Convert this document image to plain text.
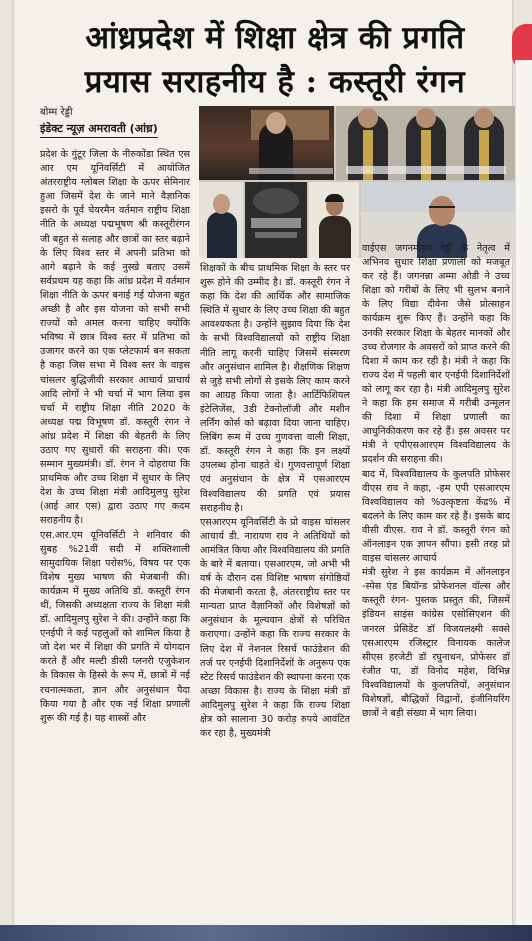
आंध्रप्रदेश में शिक्षा क्षेत्र की प्रगति
प्रयास सराहनीय है : कस्तूरी रंगन
बोम्म रेड्डी
इंडेक्ट न्यूज़ अमरावती (आंध्र)

प्रदेश के गुंटूर जिला के नीरुकोंडा स्थित एस आर एम यूनिवर्सिटी में आयोजित अंतरराष्ट्रीय ग्लोबल शिक्षा के ऊपर सेमिनार हुआ जिसमें देश के जाने माने वैज्ञानिक इसरो के पूर्व चेयरमैन वर्तमान राष्ट्रीय शिक्षा नीति के अध्यक्ष पद्मभूषण श्री कस्तूरीरंगन जी बहुत से सलाह और छात्रों का स्तर बढ़ाने के लिए विश्व स्तर में अपनी प्रतिभा को आगे बढ़ाने के कई नुस्खे बताए उसमें सर्वप्रथम यह कहा कि आंध्र प्रदेश में वर्तमान शिक्षा नीति के ऊपर बनाई गई योजना बहुत अच्छी है और इस योजना को सभी सभी राज्यों को अमल करना चाहिए क्योंकि भविष्य में छात्र विश्व स्तर में प्रतिभा को उजागर करने का एक प्लेटफार्म बन सकता है कहा जिस सभा में विश्व स्तर के वाइस चांसलर बुद्धिजीवी सरकार आचार्य प्राचार्य आदि लोगों ने भी चर्चा में भाग लिया इस चर्चा में राष्ट्रीय शिक्षा नीति 2020 के अध्यक्ष पद्म विभूषण डॉ. कस्तूरी रंगन ने आंध्र प्रदेश में शिक्षा की बेहतरी के लिए उठाए गए सुधारों की सराहना की। एक सम्मान मुख्यमंत्री। डॉ. रंगन ने दोहराया कि प्राथमिक और उच्च शिक्षा में सुधार के लिए देश के उच्च शिक्षा मंत्री आदिमुलपु सुरेश (आई आर एस) द्वारा उठाए गए कदम सराहनीय है।

एस.आर.एम यूनिवर्सिटी ने शनिवार की सुबह %21वीं सदी में शक्तिशाली सामुदायिक शिक्षा परोस%, विषय पर एक विशेष मुख्य भाषण की मेजबानी की। कार्यक्रम में मुख्य अतिथि डॉ. कस्तूरी रंगन थीं, जिसकी अध्यक्षता राज्य के शिक्षा मंत्री डॉ. आदिमुलपु सुरेश ने की। उन्होंने कहा कि एनईपी ने कई पहलुओं को शामिल किया है जो देश भर में शिक्षा की प्रगति में योगदान करते हैं और मल्टी डीसी प्लनरी एजुकेशन के विकास के हिस्से के रूप में, छात्रों में नई रचनात्मकता, ज्ञान और अनुसंधान पैदा किया गया है और एक नई शिक्षा प्रणाली शुरू की गई है। यह शास्त्रों और

शिक्षकों के बीच प्राथमिक शिक्षा के स्तर पर शुरू होने की उम्मीद है। डॉ. कस्तूरी रंगन ने कहा कि देश की आर्थिक और सामाजिक स्थिति में सुधार के लिए उच्च शिक्षा की बहुत आवश्यकता है। उन्होंने सुझाव दिया कि देश के सभी विश्वविद्यालयों को राष्ट्रीय शिक्षा नीति लागू करनी चाहिए जिसमें संस्मरण और अनुसंधान शामिल है। शैक्षणिक शिक्षण से जुड़े सभी लोगों से इसके लिए काम करने का आग्रह किया जाता है। आर्टिफिशियल इंटेलिजेंस, 3डी टेक्नोलॉजी और मशीन लर्निंग कोर्स को बढ़ावा दिया जाना चाहिए। लिबिंग रूम में उच्च गुणवत्ता वाली शिक्षा, डॉ. कस्तूरी रंगन ने कहा कि इन लक्ष्यों उपलब्ध होना चाहते थे। गुणवत्तापूर्ण शिक्षा एवं अनुसंधान के क्षेत्र में एसआरएम विश्वविद्यालय की प्रगति एवं प्रयास सराहनीय है।

एसआरएम यूनिवर्सिटी के प्रो वाइस चांसलर आचार्य डी. नारायण राव ने अतिथियों को आमंत्रित किया और विश्वविद्यालय की प्रगति के बारे में बताया। एसआरएम, जो अभी भी वर्ष के दौरान दस विशिष्ट भाषण संगोष्ठियों की मेजबानी करता है, अंतरराष्ट्रीय स्तर पर मान्यता प्राप्त वैज्ञानिकों और विशेषज्ञों को अनुसंधान के मूल्यवान क्षेत्रों से परिचित कराएगा। उन्होंने कहा कि राज्य सरकार के लिए देश में नेशनल रिसर्च फाउंडेशन की तर्ज पर एनईपी दिशानिर्देशों के अनुरूप एक स्टेट रिसर्च फाउंडेशन की स्थापना करना एक अच्छा विकास है। राज्य के शिक्षा मंत्री डॉ आदिमुलपु सुरेश ने कहा कि राज्य शिक्षा क्षेत्र को सालाना 30 करोड़ रुपये आवंटित कर रहा है, मुख्यमंत्री

वाईएस जगनमोहन रेड्डी के नेतृत्व में अभिनव सुधार शिक्षा प्रणाली को मजबूत कर रहे हैं। जगनन्ना अम्मा ओडी ने उच्च शिक्षा को गरीबों के लिए भी सुलभ बनाने के लिए विद्या दीवेना जैसे प्रोत्साहन कार्यक्रम शुरू किए हैं। उन्होंने कहा कि उनकी सरकार शिक्षा के बेहतर मानकों और उच्च रोजगार के अवसरों को प्राप्त करने की दिशा में काम कर रही है। मंत्री ने कहा कि राज्य देश में पहली बार एनईपी दिशानिर्देशों को लागू कर रहा है। मंत्री आदिमुलपु सुरेश ने कहा कि हम समाज में गरीबी उन्मूलन की दिशा में शिक्षा प्रणाली का आधुनिकीकरण कर रहे हैं। इस अवसर पर मंत्री ने एपीएसआरएम विश्वविद्यालय के प्रदर्शन की सराहना की।

बाद में, विश्वविद्यालय के कुलपति प्रोफेसर वीएस राव ने कहा, -हम एपी एसआरएम विश्वविद्यालय को %उत्कृष्टता केंद्र% में बदलने के लिए काम कर रहे हैं। इसके बाद वीसी वीएस. राव ने डॉ. कस्तूरी रंगन को ऑनलाइन एक ज्ञापन सौंपा। इसी तरह प्रो वाइस चांसलर आचार्य

मंत्री सुरेश ने इस कार्यक्रम में ऑनलाइन -स्पेस एंड बियॉन्ड प्रोफेशनल वॉल्स और कस्तूरी रंगन- पुस्तक प्रस्तुत की, जिसमें इंडियन साइंस कांग्रेस एसोसिएशन की जनरल प्रेसिडेंट डॉ विजयलक्ष्मी सक्से एसआरएम रजिस्ट्रार विनायक कालेज सीएस हरजेटी डॉ रघुनाथन, प्रोफेसर डॉ रंजीत पा, डॉ विनोद महेश, विभिन्न विश्वविद्यालयों के कुलपतियों, अनुसंधान विशेषज्ञों, बौद्धिकों विद्वानों, इंजीनियरिंग छात्रों ने बड़ी संख्या में भाग लिया।
